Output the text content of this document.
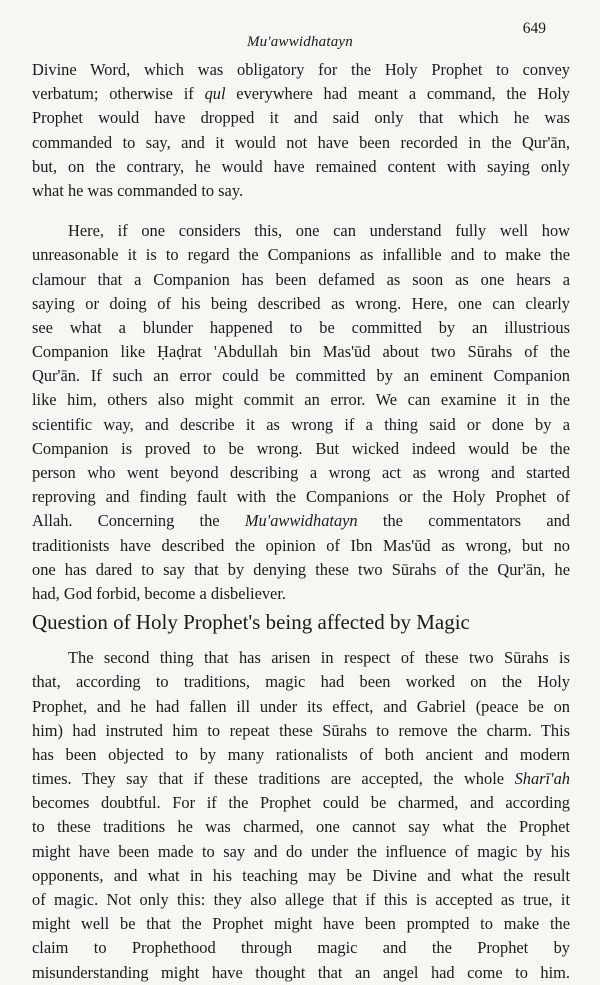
Mu'awwidhatayn
649
Divine Word, which was obligatory for the Holy Prophet to convey
verbatum; otherwise if qul everywhere had meant a command, the Holy
Prophet would have dropped it and said only that which he was
commanded to say, and it would not have been recorded in the Qur'ān,
but, on the contrary, he would have remained content with saying only
what he was commanded to say.
Here, if one considers this, one can understand fully well how
unreasonable it is to regard the Companions as infallible and to make the
clamour that a Companion has been defamed as soon as one hears a
saying or doing of his being described as wrong. Here, one can clearly
see what a blunder happened to be committed by an illustrious
Companion like Ḥaḍrat 'Abdullah bin Mas'ūd about two Sūrahs of the
Qur'ān. If such an error could be committed by an eminent Companion
like him, others also might commit an error. We can examine it in the
scientific way, and describe it as wrong if a thing said or done by a
Companion is proved to be wrong. But wicked indeed would be the
person who went beyond describing a wrong act as wrong and started
reproving and finding fault with the Companions or the Holy Prophet of
Allah. Concerning the Mu'awwidhatayn the commentators and
traditionists have described the opinion of Ibn Mas'ūd as wrong, but no
one has dared to say that by denying these two Sūrahs of the Qur'ān, he
had, God forbid, become a disbeliever.
Question of Holy Prophet's being affected by Magic
The second thing that has arisen in respect of these two Sūrahs is
that, according to traditions, magic had been worked on the Holy
Prophet, and he had fallen ill under its effect, and Gabriel (peace be on
him) had instruted him to repeat these Sūrahs to remove the charm. This
has been objected to by many rationalists of both ancient and modern
times. They say that if these traditions are accepted, the whole Sharī'ah
becomes doubtful. For if the Prophet could be charmed, and according
to these traditions he was charmed, one cannot say what the Prophet
might have been made to say and do under the influence of magic by his
opponents, and what in his teaching may be Divine and what the result
of magic. Not only this: they also allege that if this is accepted as true, it
might well be that the Prophet might have been prompted to make the
claim to Prophethood through magic and the Prophet by
misunderstanding might have thought that an angel had come to him.
